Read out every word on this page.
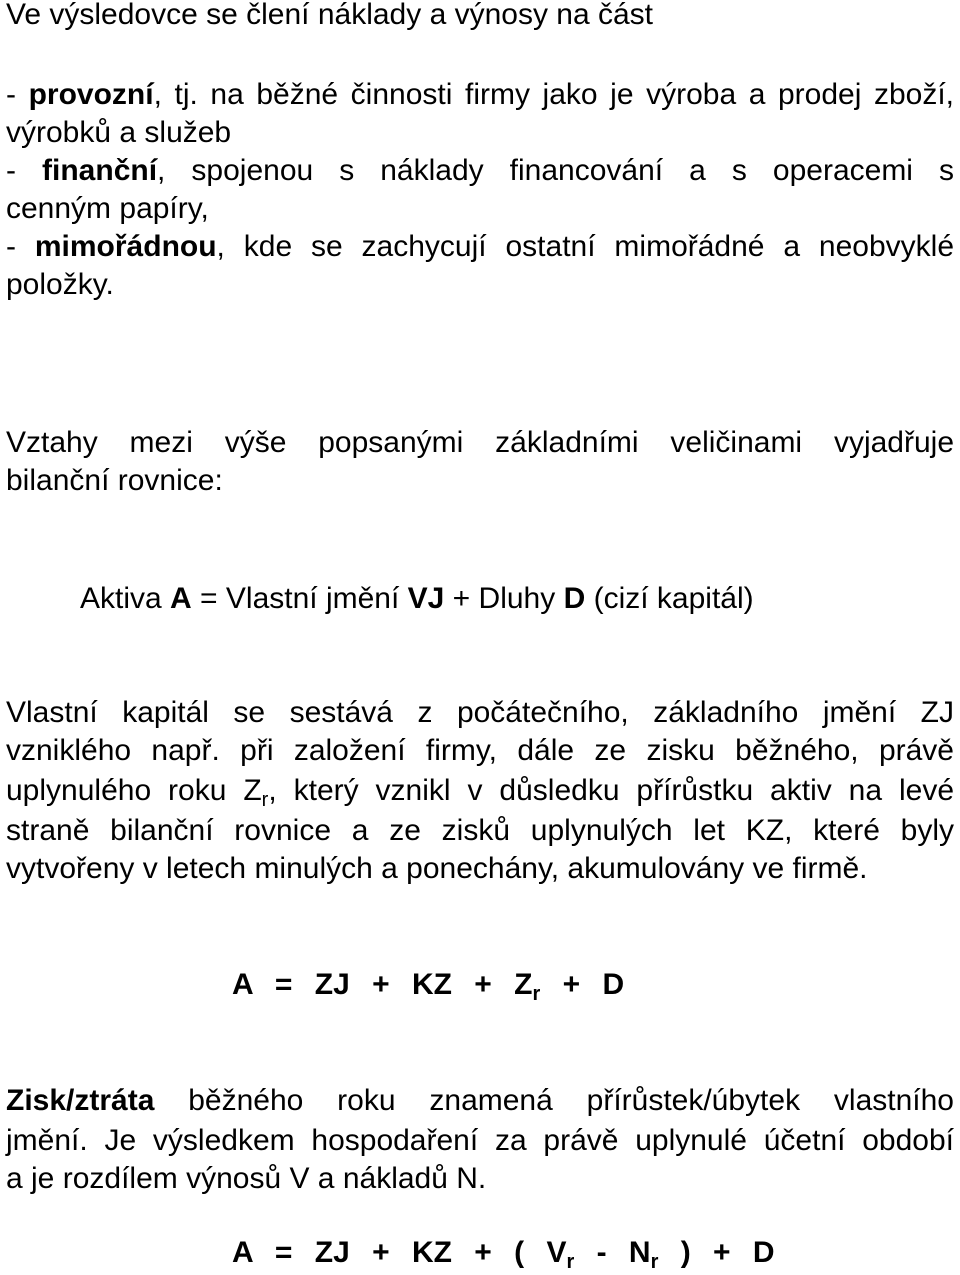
Ve výsledovce se člení náklady a výnosy na část

- provozní, tj. na běžné činnosti firmy jako je výroba a prodej zboží,

výrobků a služeb

- finanční, spojenou s náklady financování a s operacemi s

cenným papíry,

- mimořádnou, kde se zachycují ostatní mimořádné a neobvyklé

položky.

Vztahy mezi výše popsanými základními veličinami vyjadřuje

bilanční rovnice:

Aktiva A = Vlastní jmění VJ + Dluhy D (cizí kapitál)

Vlastní kapitál se sestává z počátečního, základního jmění ZJ

vzniklého např. při založení firmy, dále ze zisku běžného, právě

uplynulého roku $Z_r$, který vznikl v důsledku přírůstku aktiv na levé

straně bilanční rovnice a ze zisků uplynulých let KZ, které byly

vytvořeny v letech minulých a ponechány, akumulovány ve firmě.

A = ZJ + KZ + $Z_r + D$

Zisk/ztráta běžného roku znamená přírůstek/úbytek vlastního

jmění. Je výsledkem hospodaření za právě uplynulé účetní období

a je rozdílem výnosů V a nákladů N.

A = ZJ + KZ + ( $V_r - N_r$ ) + D
